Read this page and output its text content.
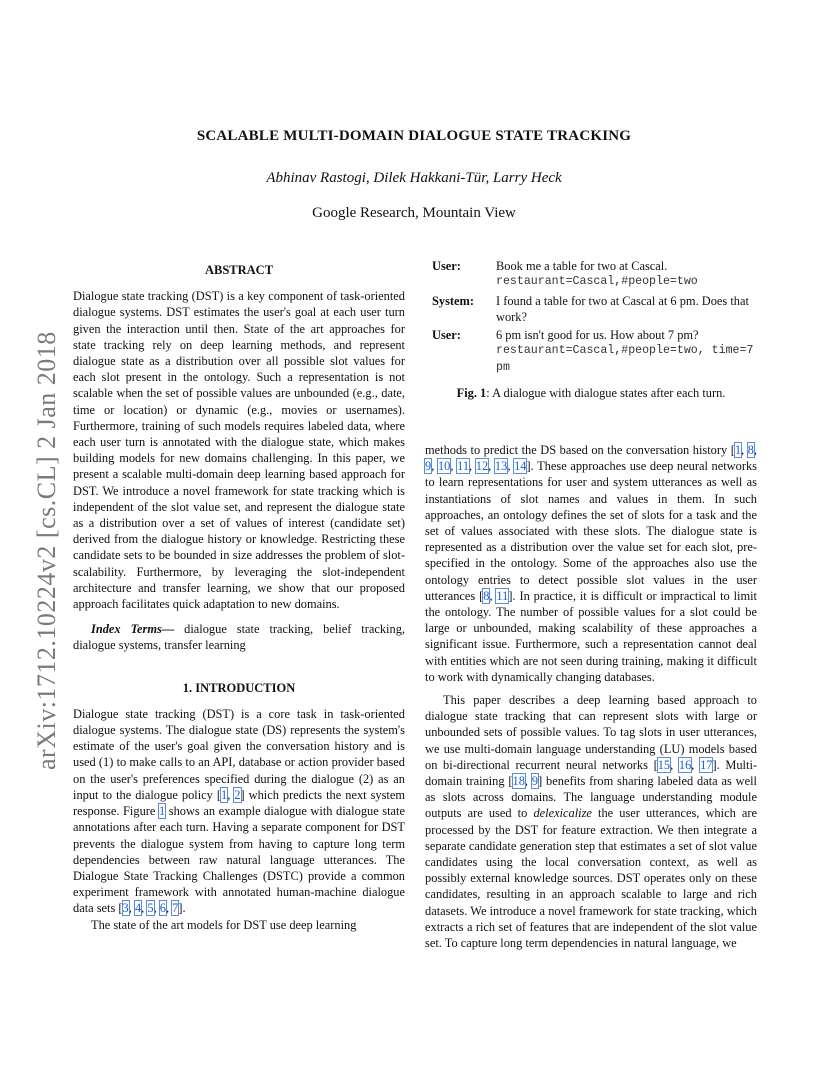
arXiv:1712.10224v2 [cs.CL] 2 Jan 2018
SCALABLE MULTI-DOMAIN DIALOGUE STATE TRACKING
Abhinav Rastogi, Dilek Hakkani-Tür, Larry Heck
Google Research, Mountain View

ABSTRACT

Dialogue state tracking (DST) is a key component of task-oriented dialogue systems. DST estimates the user's goal at each user turn given the interaction until then. State of the art approaches for state tracking rely on deep learning methods, and represent dialogue state as a distribution over all possible slot values for each slot present in the ontology. Such a representation is not scalable when the set of possible values are unbounded (e.g., date, time or location) or dynamic (e.g., movies or usernames). Furthermore, training of such models requires labeled data, where each user turn is annotated with the dialogue state, which makes building models for new domains challenging. In this paper, we present a scalable multi-domain deep learning based approach for DST. We introduce a novel framework for state tracking which is independent of the slot value set, and represent the dialogue state as a distribution over a set of values of interest (candidate set) derived from the dialogue history or knowledge. Restricting these candidate sets to be bounded in size addresses the problem of slot-scalability. Furthermore, by leveraging the slot-independent architecture and transfer learning, we show that our proposed approach facilitates quick adaptation to new domains.

Index Terms— dialogue state tracking, belief tracking, dialogue systems, transfer learning

1. INTRODUCTION

Dialogue state tracking (DST) is a core task in task-oriented dialogue systems. The dialogue state (DS) represents the system's estimate of the user's goal given the conversation history and is used (1) to make calls to an API, database or action provider based on the user's preferences specified during the dialogue (2) as an input to the dialogue policy [1, 2] which predicts the next system response. Figure 1 shows an example dialogue with dialogue state annotations after each turn. Having a separate component for DST prevents the dialogue system from having to capture long term dependencies between raw natural language utterances. The Dialogue State Tracking Challenges (DSTC) provide a common experiment framework with annotated human-machine dialogue data sets [3, 4, 5, 6, 7].

The state of the art models for DST use deep learning

User:	Book me a table for two at Cascal.
restaurant=Cascal,#people=two
System:	I found a table for two at Cascal at 6 pm. Does that work?
User:	6 pm isn't good for us. How about 7 pm?
restaurant=Cascal,#people=two, time=7 pm
Fig. 1: A dialogue with dialogue states after each turn.

methods to predict the DS based on the conversation history [1, 8, 9, 10, 11, 12, 13, 14]. These approaches use deep neural networks to learn representations for user and system utterances as well as instantiations of slot names and values in them. In such approaches, an ontology defines the set of slots for a task and the set of values associated with these slots. The dialogue state is represented as a distribution over the value set for each slot, pre-specified in the ontology. Some of the approaches also use the ontology entries to detect possible slot values in the user utterances [8, 11]. In practice, it is difficult or impractical to limit the ontology. The number of possible values for a slot could be large or unbounded, making scalability of these approaches a significant issue. Furthermore, such a representation cannot deal with entities which are not seen during training, making it difficult to work with dynamically changing databases.

This paper describes a deep learning based approach to dialogue state tracking that can represent slots with large or unbounded sets of possible values. To tag slots in user utterances, we use multi-domain language understanding (LU) models based on bi-directional recurrent neural networks [15, 16, 17]. Multi-domain training [18, 9] benefits from sharing labeled data as well as slots across domains. The language understanding module outputs are used to delexicalize the user utterances, which are processed by the DST for feature extraction. We then integrate a separate candidate generation step that estimates a set of slot value candidates using the local conversation context, as well as possibly external knowledge sources. DST operates only on these candidates, resulting in an approach scalable to large and rich datasets. We introduce a novel framework for state tracking, which extracts a rich set of features that are independent of the slot value set. To capture long term dependencies in natural language, we
